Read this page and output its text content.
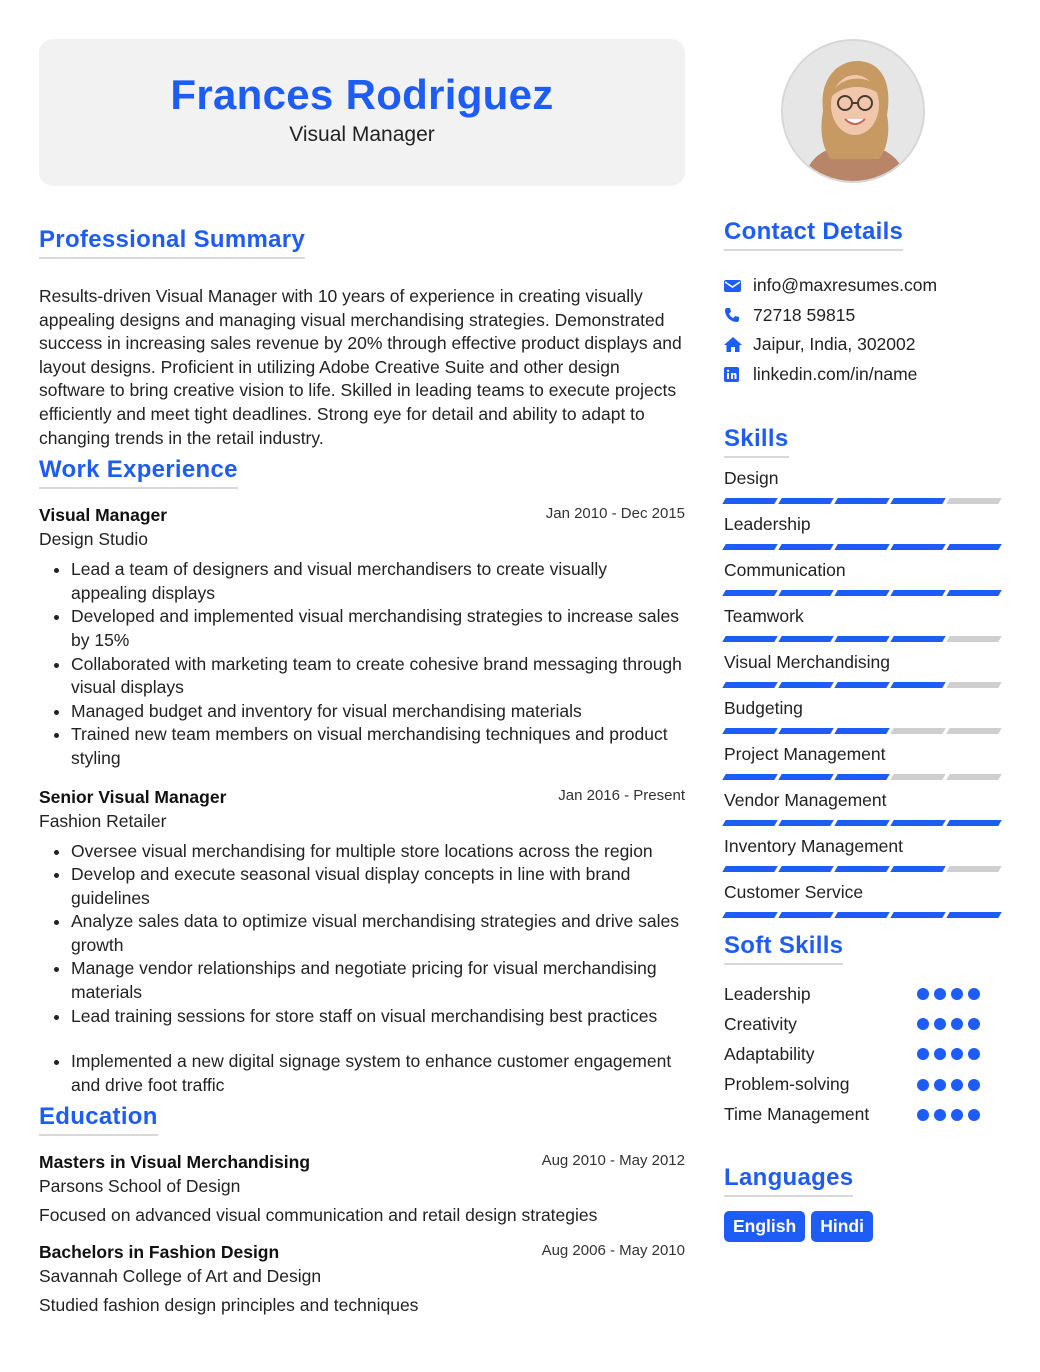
Frances Rodriguez
Visual Manager
Professional Summary

Results-driven Visual Manager with 10 years of experience in creating visually appealing designs and managing visual merchandising strategies. Demonstrated success in increasing sales revenue by 20% through effective product displays and layout designs. Proficient in utilizing Adobe Creative Suite and other design software to bring creative vision to life. Skilled in leading teams to execute projects efficiently and meet tight deadlines. Strong eye for detail and ability to adapt to changing trends in the retail industry.

Work Experience
Visual Manager	Jan 2010 - Dec 2015
Design Studio
• Lead a team of designers and visual merchandisers to create visually appealing displays
• Developed and implemented visual merchandising strategies to increase sales by 15%
• Collaborated with marketing team to create cohesive brand messaging through visual displays
• Managed budget and inventory for visual merchandising materials
• Trained new team members on visual merchandising techniques and product styling
Senior Visual Manager	Jan 2016 - Present
Fashion Retailer
• Oversee visual merchandising for multiple store locations across the region
• Develop and execute seasonal visual display concepts in line with brand guidelines
• Analyze sales data to optimize visual merchandising strategies and drive sales growth
• Manage vendor relationships and negotiate pricing for visual merchandising materials
• Lead training sessions for store staff on visual merchandising best practices
• Implemented a new digital signage system to enhance customer engagement and drive foot traffic
Education
Masters in Visual Merchandising	Aug 2010 - May 2012
Parsons School of Design
Focused on advanced visual communication and retail design strategies
Bachelors in Fashion Design	Aug 2006 - May 2010
Savannah College of Art and Design
Studied fashion design principles and techniques
Contact Details
info@maxresumes.com
72718 59815
Jaipur, India, 302002
linkedin.com/in/name
Skills
Design
Leadership
Communication
Teamwork
Visual Merchandising
Budgeting
Project Management
Vendor Management
Inventory Management
Customer Service
Soft Skills
Leadership
Creativity
Adaptability
Problem-solving
Time Management
Languages
English	Hindi
